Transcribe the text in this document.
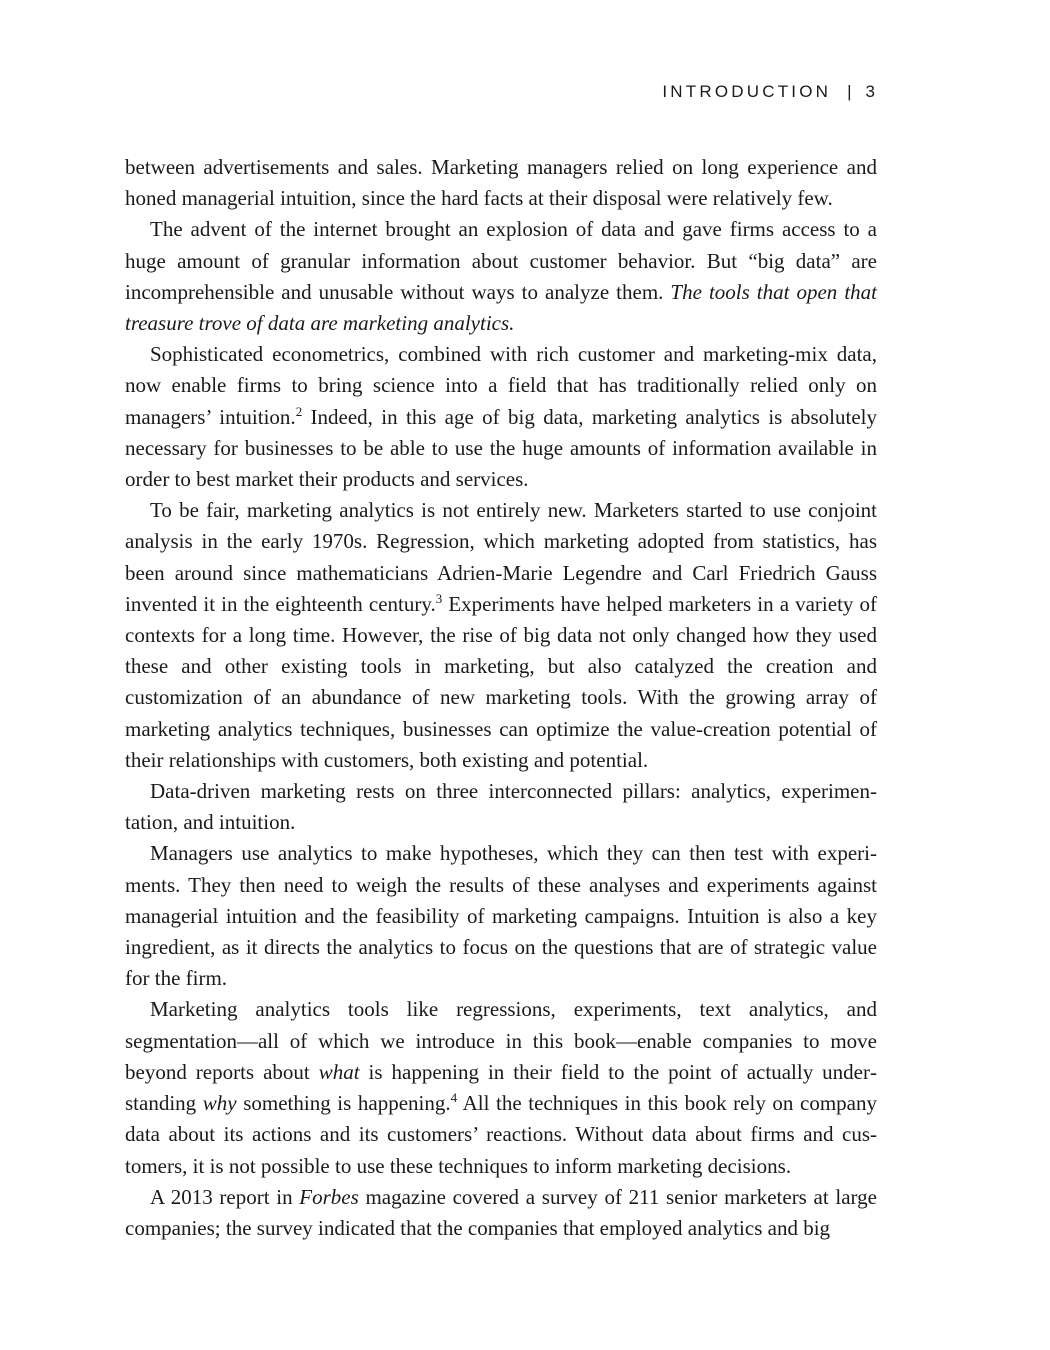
INTRODUCTION | 3

between advertisements and sales. Marketing managers relied on long experience and honed managerial intuition, since the hard facts at their disposal were relatively few.

The advent of the internet brought an explosion of data and gave firms access to a huge amount of granular information about customer behavior. But “big data” are incomprehensible and unusable without ways to analyze them. The tools that open that treasure trove of data are marketing analytics.

Sophisticated econometrics, combined with rich customer and marketing-mix data, now enable firms to bring science into a field that has traditionally relied only on managers’ intuition.$^2$ Indeed, in this age of big data, marketing analytics is absolutely necessary for businesses to be able to use the huge amounts of information available in order to best market their products and services.

To be fair, marketing analytics is not entirely new. Marketers started to use conjoint analysis in the early 1970s. Regression, which marketing adopted from statistics, has been around since mathematicians Adrien-Marie Legendre and Carl Friedrich Gauss invented it in the eighteenth century.$^3$ Experiments have helped marketers in a variety of contexts for a long time. However, the rise of big data not only changed how they used these and other existing tools in marketing, but also catalyzed the creation and customization of an abundance of new marketing tools. With the growing array of marketing analytics techniques, businesses can optimize the value-creation potential of their relationships with customers, both existing and potential.

Data-driven marketing rests on three interconnected pillars: analytics, experimentation, and intuition.

Managers use analytics to make hypotheses, which they can then test with experiments. They then need to weigh the results of these analyses and experiments against managerial intuition and the feasibility of marketing campaigns. Intuition is also a key ingredient, as it directs the analytics to focus on the questions that are of strategic value for the firm.

Marketing analytics tools like regressions, experiments, text analytics, and segmentation—all of which we introduce in this book—enable companies to move beyond reports about what is happening in their field to the point of actually understanding why something is happening.$^4$ All the techniques in this book rely on company data about its actions and its customers’ reactions. Without data about firms and customers, it is not possible to use these techniques to inform marketing decisions.

A 2013 report in Forbes magazine covered a survey of 211 senior marketers at large companies; the survey indicated that the companies that employed analytics and big
